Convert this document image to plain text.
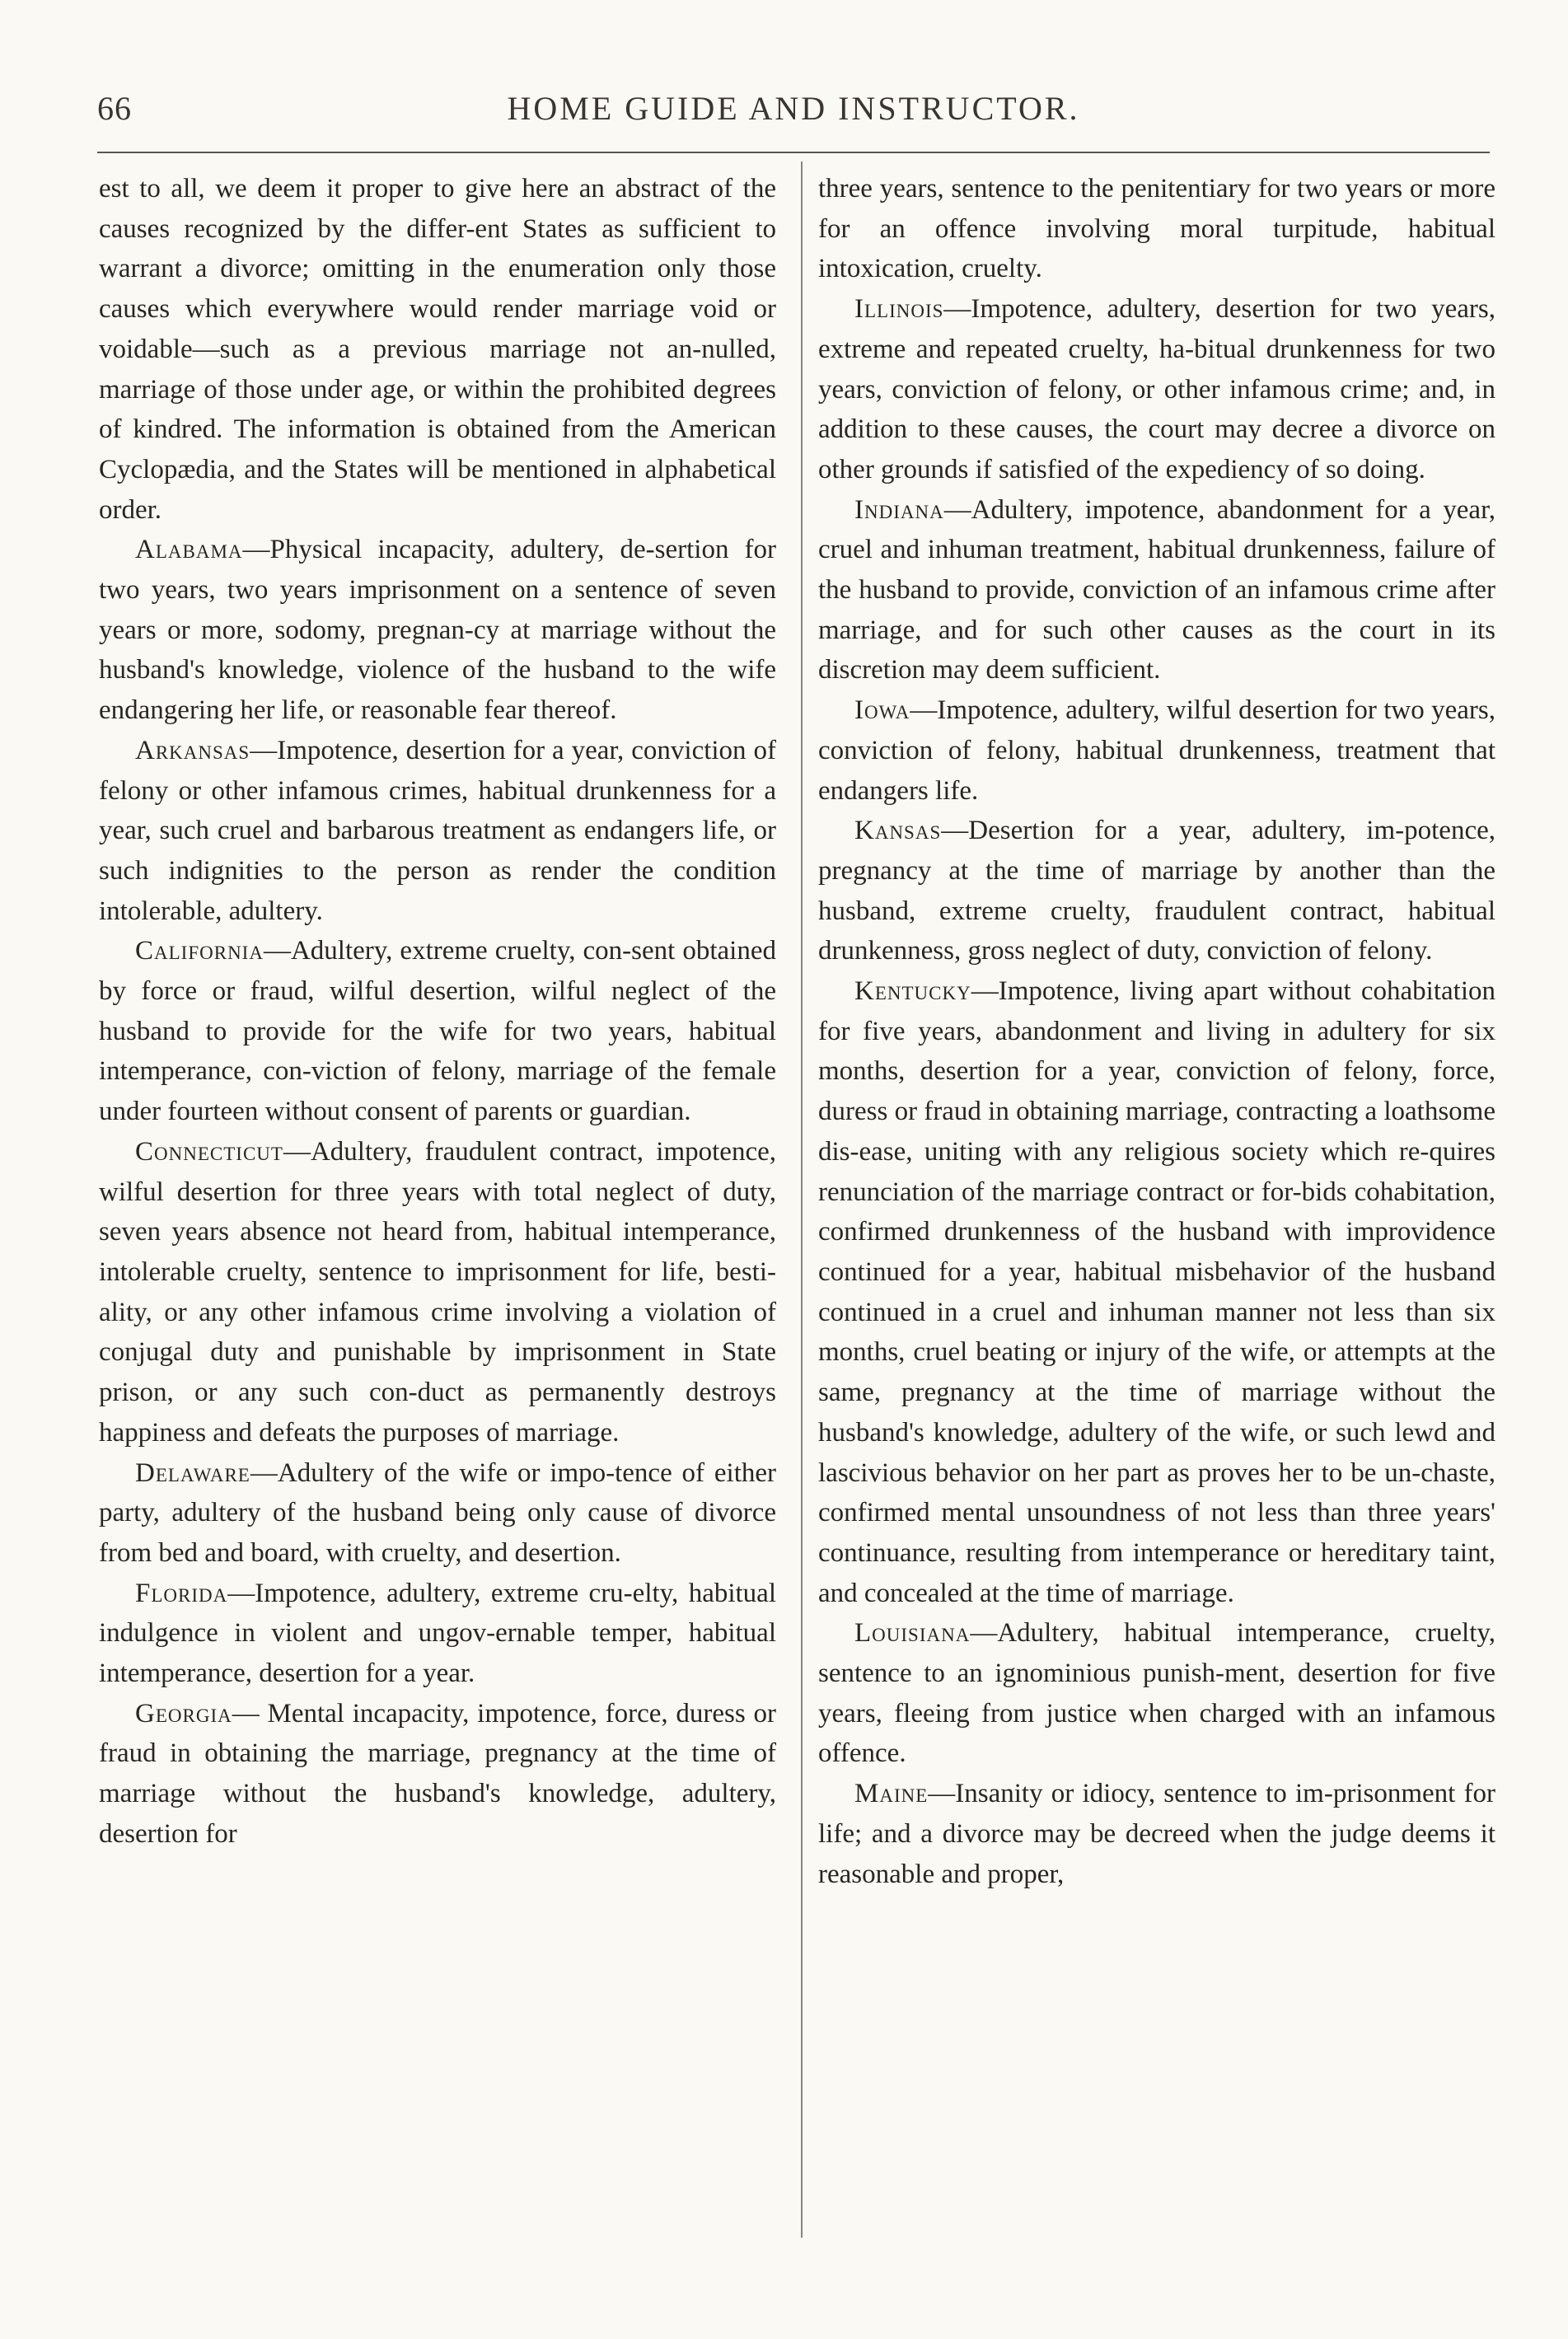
66	HOME GUIDE AND INSTRUCTOR.

est to all, we deem it proper to give here an abstract of the causes recognized by the differ-ent States as sufficient to warrant a divorce; omitting in the enumeration only those causes which everywhere would render marriage void or voidable—such as a previous marriage not an-nulled, marriage of those under age, or within the prohibited degrees of kindred. The information is obtained from the American Cyclopædia, and the States will be mentioned in alphabetical order.

Alabama—Physical incapacity, adultery, de-sertion for two years, two years imprisonment on a sentence of seven years or more, sodomy, pregnan-cy at marriage without the husband's knowledge, violence of the husband to the wife endangering her life, or reasonable fear thereof.

Arkansas—Impotence, desertion for a year, conviction of felony or other infamous crimes, habitual drunkenness for a year, such cruel and barbarous treatment as endangers life, or such indignities to the person as render the condition intolerable, adultery.

California—Adultery, extreme cruelty, con-sent obtained by force or fraud, wilful desertion, wilful neglect of the husband to provide for the wife for two years, habitual intemperance, con-viction of felony, marriage of the female under fourteen without consent of parents or guardian.

Connecticut—Adultery, fraudulent contract, impotence, wilful desertion for three years with total neglect of duty, seven years absence not heard from, habitual intemperance, intolerable cruelty, sentence to imprisonment for life, besti-ality, or any other infamous crime involving a violation of conjugal duty and punishable by imprisonment in State prison, or any such con-duct as permanently destroys happiness and defeats the purposes of marriage.

Delaware—Adultery of the wife or impo-tence of either party, adultery of the husband being only cause of divorce from bed and board, with cruelty, and desertion.

Florida—Impotence, adultery, extreme cru-elty, habitual indulgence in violent and ungov-ernable temper, habitual intemperance, desertion for a year.

Georgia— Mental incapacity, impotence, force, duress or fraud in obtaining the marriage, pregnancy at the time of marriage without the husband's knowledge, adultery, desertion for

three years, sentence to the penitentiary for two years or more for an offence involving moral turpitude, habitual intoxication, cruelty.

Illinois—Impotence, adultery, desertion for two years, extreme and repeated cruelty, ha-bitual drunkenness for two years, conviction of felony, or other infamous crime; and, in addition to these causes, the court may decree a divorce on other grounds if satisfied of the expediency of so doing.

Indiana—Adultery, impotence, abandonment for a year, cruel and inhuman treatment, habitual drunkenness, failure of the husband to provide, conviction of an infamous crime after marriage, and for such other causes as the court in its discretion may deem sufficient.

Iowa—Impotence, adultery, wilful desertion for two years, conviction of felony, habitual drunkenness, treatment that endangers life.

Kansas—Desertion for a year, adultery, im-potence, pregnancy at the time of marriage by another than the husband, extreme cruelty, fraudulent contract, habitual drunkenness, gross neglect of duty, conviction of felony.

Kentucky—Impotence, living apart without cohabitation for five years, abandonment and living in adultery for six months, desertion for a year, conviction of felony, force, duress or fraud in obtaining marriage, contracting a loathsome dis-ease, uniting with any religious society which re-quires renunciation of the marriage contract or for-bids cohabitation, confirmed drunkenness of the husband with improvidence continued for a year, habitual misbehavior of the husband continued in a cruel and inhuman manner not less than six months, cruel beating or injury of the wife, or attempts at the same, pregnancy at the time of marriage without the husband's knowledge, adultery of the wife, or such lewd and lascivious behavior on her part as proves her to be un-chaste, confirmed mental unsoundness of not less than three years' continuance, resulting from intemperance or hereditary taint, and concealed at the time of marriage.

Louisiana—Adultery, habitual intemperance, cruelty, sentence to an ignominious punish-ment, desertion for five years, fleeing from justice when charged with an infamous offence.

Maine—Insanity or idiocy, sentence to im-prisonment for life; and a divorce may be decreed when the judge deems it reasonable and proper,
